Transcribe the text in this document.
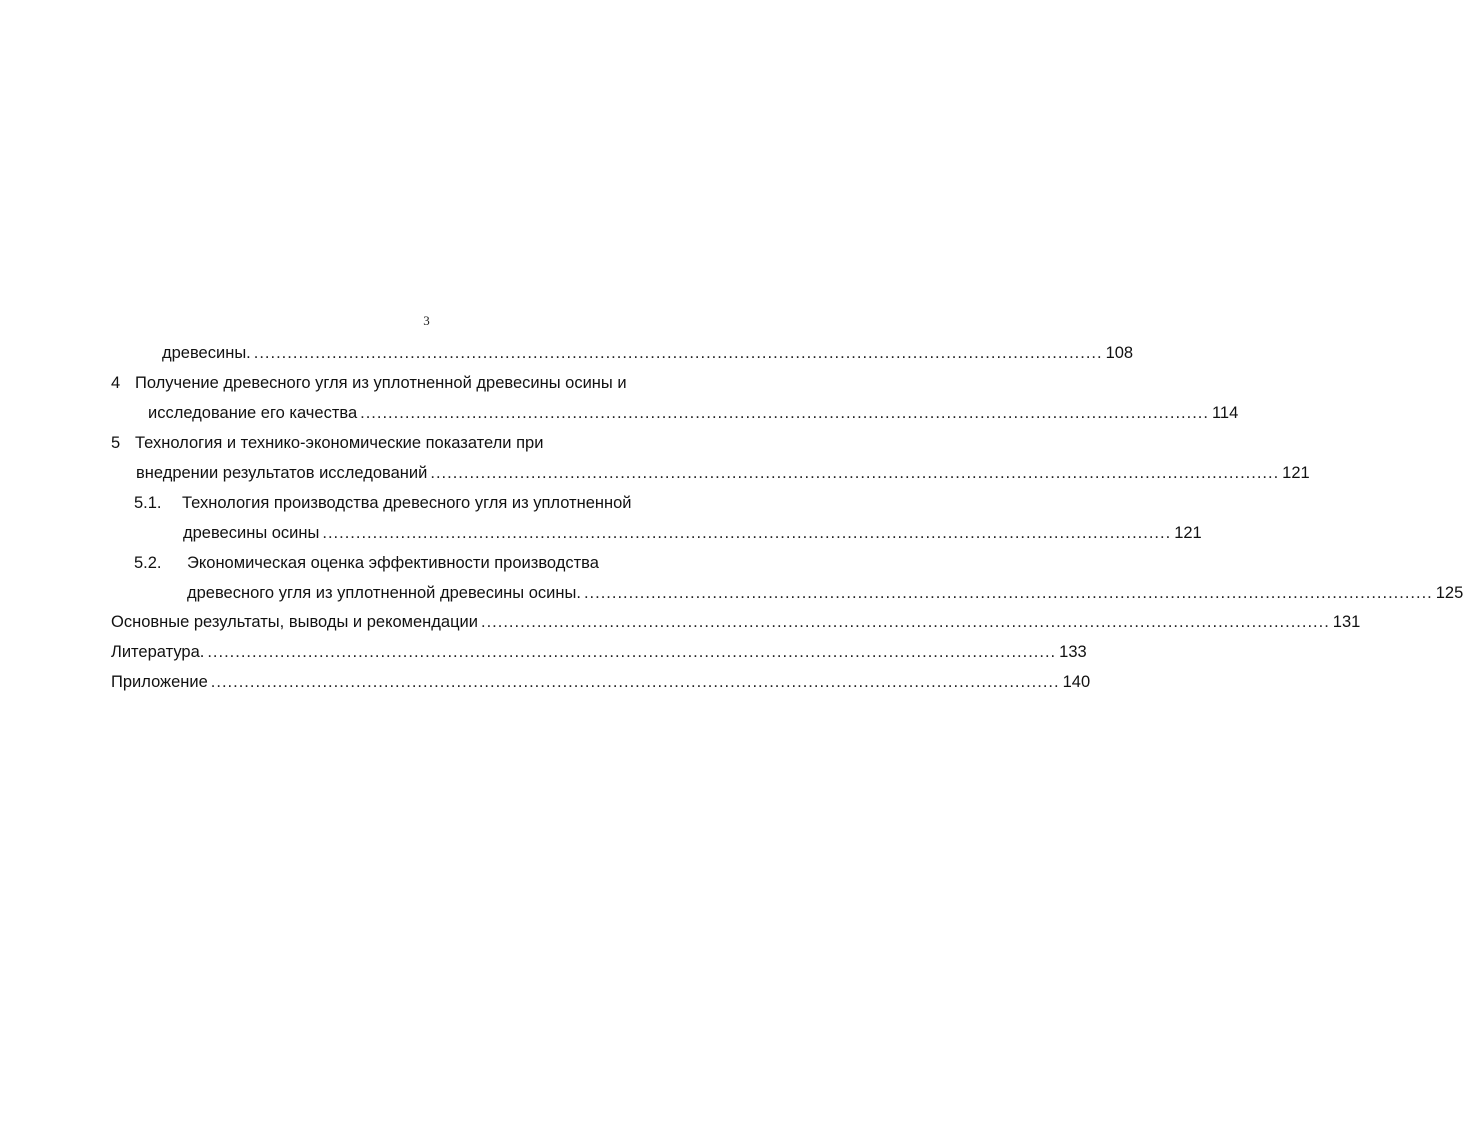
3
древесины. ........................................................................................................................................................ 108
4 Получение древесного угля из уплотненной древесины осины и
исследование его качества ........................................................................................................................................................ 114
5 Технология и технико-экономические показатели при
внедрении результатов исследований ........................................................................................................................................................ 121
5.1. Технология производства древесного угля из уплотненной
древесины осины ........................................................................................................................................................ 121
5.2. Экономическая оценка эффективности производства
древесного угля из уплотненной древесины осины. ........................................................................................................................................................ 125
Основные результаты, выводы и рекомендации ........................................................................................................................................................ 131
Литература. ........................................................................................................................................................ 133
Приложение ........................................................................................................................................................ 140
